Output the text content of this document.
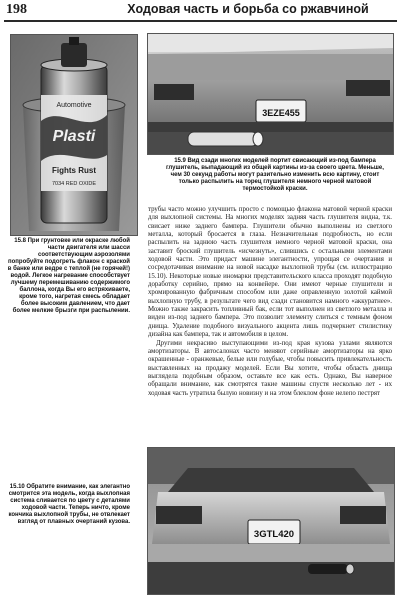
198	Ходовая часть и борьба со ржавчиной
Automotive
Plasti
Fights Rust
7034 RED OXIDE
15.8 При грунтовке или окраске любой части двигателя или шасси соответствующим аэрозолями попробуйте подогреть флакон с краской в банке или ведре с теплой (не горячей!) водой. Легкое нагревание способствует лучшему перемешиванию содержимого баллона, когда Вы его встряхиваете, кроме того, нагретая смесь обладает более высоким давлением, что дает более мелкие брызги при распылении.
3EZE455
15.9 Вид сзади многих моделей портит свисающий из-под бампера глушитель, выпадающий из общей картины из-за своего цвета. Меньше, чем 30 секунд работы могут разительно изменить всю картину, стоит только распылить на торец глушителя немного черной матовой термостойкой краски.

трубы часто можно улучшить просто с помощью флакона матовой черной краски для выхлопной системы. На многих моделях задняя часть глушителя видна, т.к. свисает ниже заднего бампера. Глушители обычно выполнены из светлого металла, который бросается в глаза. Незначительная подробность, но если распылить на заднюю часть глушителя немного черной матовой краски, она заставит броский глушитель «исчезнуть», слившись с остальными элементами ходовой части. Это придаст машине элегантности, упрощая се очертания и сосредотачивая внимание на новой насадке выхлопной трубы (см. иллюстрацию 15.10). Некоторые новые иномарки представительского класса проходят подобную доработку серийно, прямо на конвейере. Они имеют черные глушители и хромированную фабричным способом или даже оправленную золотой каймой выхлопную трубу, в результате чего вид сзади становится намного «аккуратнее». Можно также закрасить топливный бак, если тот выполнен из светлого металла и виден из-под заднего бампера. Это позволит элементу слиться с темным фоном днища. Удаление подобного визуального акцента лишь подчеркнет стилистику дизайна как бампера, так и автомобиля в целом.

Другими некрасиво выступающими из-под края кузова узлами являются амортизаторы. В автосалонах часто меняют серийные амортизаторы на ярко окрашенные - оранжевые, белые или голубые, чтобы повысить привлекательность выставленных на продажу моделей. Если Вы хотите, чтобы область днища выглядела подобным образом, оставьте все как есть. Однако, Вы наверное обращали внимание, как смотрятся такие машины спустя несколько лет - их ходовая часть утратила былую новизну и на этом блеклом фоне нелепо пестрят

3GTL420
15.10 Обратите внимание, как элегантно смотрится эта модель, когда выхлопная система сливается по цвету с деталями ходовой части. Теперь ничто, кроме кончика выхлопной трубы, не отвлекает взгляд от плавных очертаний кузова.
